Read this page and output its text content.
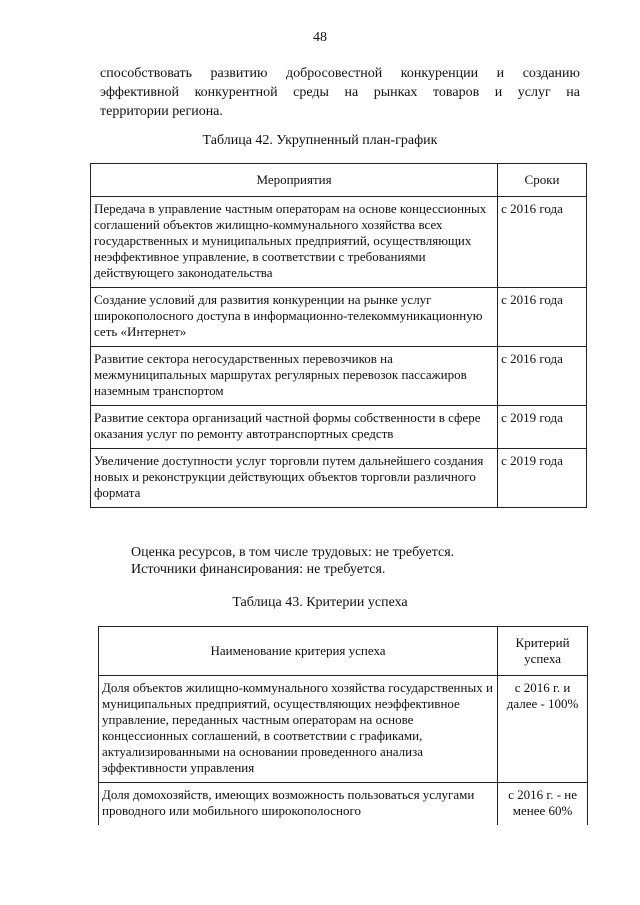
48
способствовать развитию добросовестной конкуренции и созданию
эффективной конкурентной среды на рынках товаров и услуг на
территории региона.
Таблица 42. Укрупненный план-график
Мероприятия	Сроки
Передача в управление частным операторам на основе концессионных соглашений объектов жилищно-коммунального хозяйства всех государственных и муниципальных предприятий, осуществляющих неэффективное управление, в соответствии с требованиями действующего законодательства	с 2016 года
Создание условий для развития конкуренции на рынке услуг широкополосного доступа в информационно-телекоммуникационную сеть «Интернет»	с 2016 года
Развитие сектора негосударственных перевозчиков на межмуниципальных маршрутах регулярных перевозок пассажиров наземным транспортом	с 2016 года
Развитие сектора организаций частной формы собственности в сфере оказания услуг по ремонту автотранспортных средств	с 2019 года
Увеличение доступности услуг торговли путем дальнейшего создания новых и реконструкции действующих объектов торговли различного формата	с 2019 года
Оценка ресурсов, в том числе трудовых: не требуется.
Источники финансирования: не требуется.
Таблица 43. Критерии успеха
Наименование критерия успеха	Критерий успеха
Доля объектов жилищно-коммунального хозяйства государственных и муниципальных предприятий, осуществляющих неэффективное управление, переданных частным операторам на основе концессионных соглашений, в соответствии с графиками, актуализированными на основании проведенного анализа эффективности управления	с 2016 г. и далее - 100%
Доля домохозяйств, имеющих возможность пользоваться услугами проводного или мобильного широкополосного	с 2016 г. - не менее 60%
